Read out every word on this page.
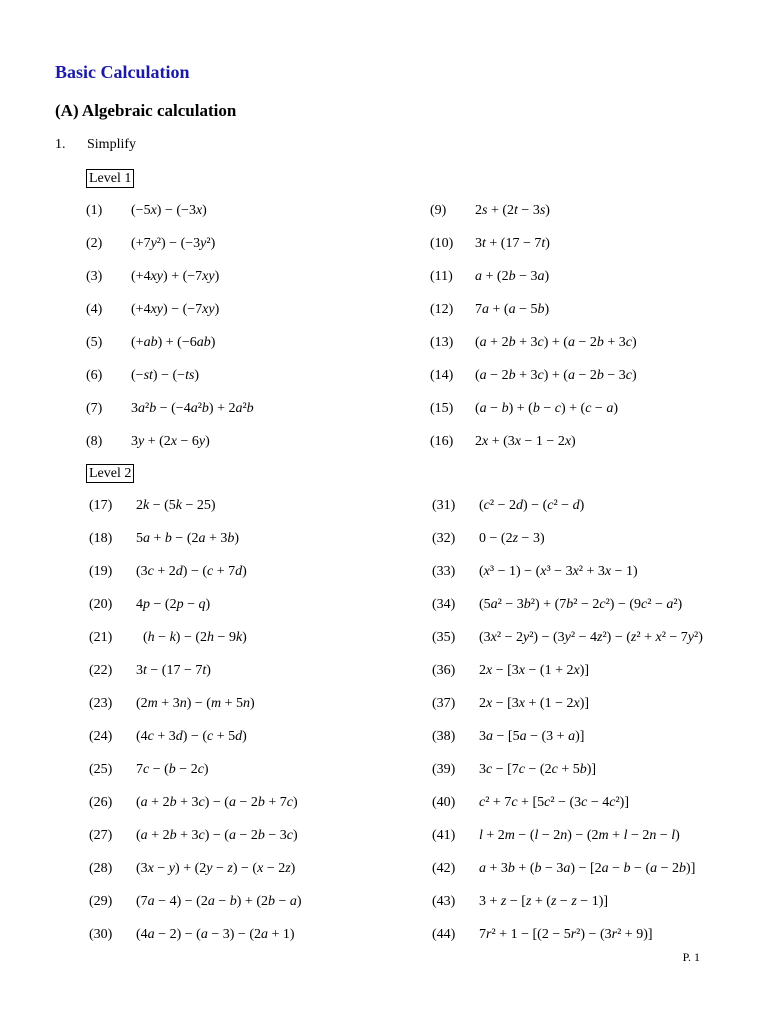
Basic Calculation
(A) Algebraic calculation
1. Simplify
Level 1
Level 2
(1) (−5x) − (−3x)
(2) (+7y²) − (−3y²)
(3) (+4xy) + (−7xy)
(4) (+4xy) − (−7xy)
(5) (+ab) + (−6ab)
(6) (−st) − (−ts)
(7) 3a²b − (−4a²b) + 2a²b
(8) 3y + (2x − 6y)
(9) 2s + (2t − 3s)
(10) 3t + (17 − 7t)
(11) a + (2b − 3a)
(12) 7a + (a − 5b)
(13) (a + 2b + 3c) + (a − 2b + 3c)
(14) (a − 2b + 3c) + (a − 2b − 3c)
(15) (a − b) + (b − c) + (c − a)
(16) 2x + (3x − 1 − 2x)
(17) 2k − (5k − 25)
(18) 5a + b − (2a + 3b)
(19) (3c + 2d) − (c + 7d)
(20) 4p − (2p − q)
(21)	(h − k) − (2h − 9k)
(22) 3t − (17 − 7t)
(23) (2m + 3n) − (m + 5n)
(24) (4c + 3d) − (c + 5d)
(25) 7c − (b − 2c)
(26) (a + 2b + 3c) − (a − 2b + 7c)
(27) (a + 2b + 3c) − (a − 2b − 3c)
(28) (3x − y) + (2y − z) − (x − 2z)
(29) (7a − 4) − (2a − b) + (2b − a)
(30) (4a − 2) − (a − 3) − (2a + 1)
(31) (c² − 2d) − (c² − d)
(32) 0 − (2z − 3)
(33) (x³ − 1) − (x³ − 3x² + 3x − 1)
(34) (5a² − 3b²) + (7b² − 2c²) − (9c² − a²)
(35) (3x² − 2y²) − (3y² − 4z²) − (z² + x² − 7y²)
(36) 2x − [3x − (1 + 2x)]
(37) 2x − [3x + (1 − 2x)]
(38) 3a − [5a − (3 + a)]
(39) 3c − [7c − (2c + 5b)]
(40) c² + 7c + [5c² − (3c − 4c²)]
(41) l + 2m − (l − 2n) − (2m + l − 2n − l)
(42) a + 3b + (b − 3a) − [2a − b − (a − 2b)]
(43) 3 + z − [z + (z − z − 1)]
(44) 7r² + 1 − [(2 − 5r²) − (3r² + 9)]
P. 1
